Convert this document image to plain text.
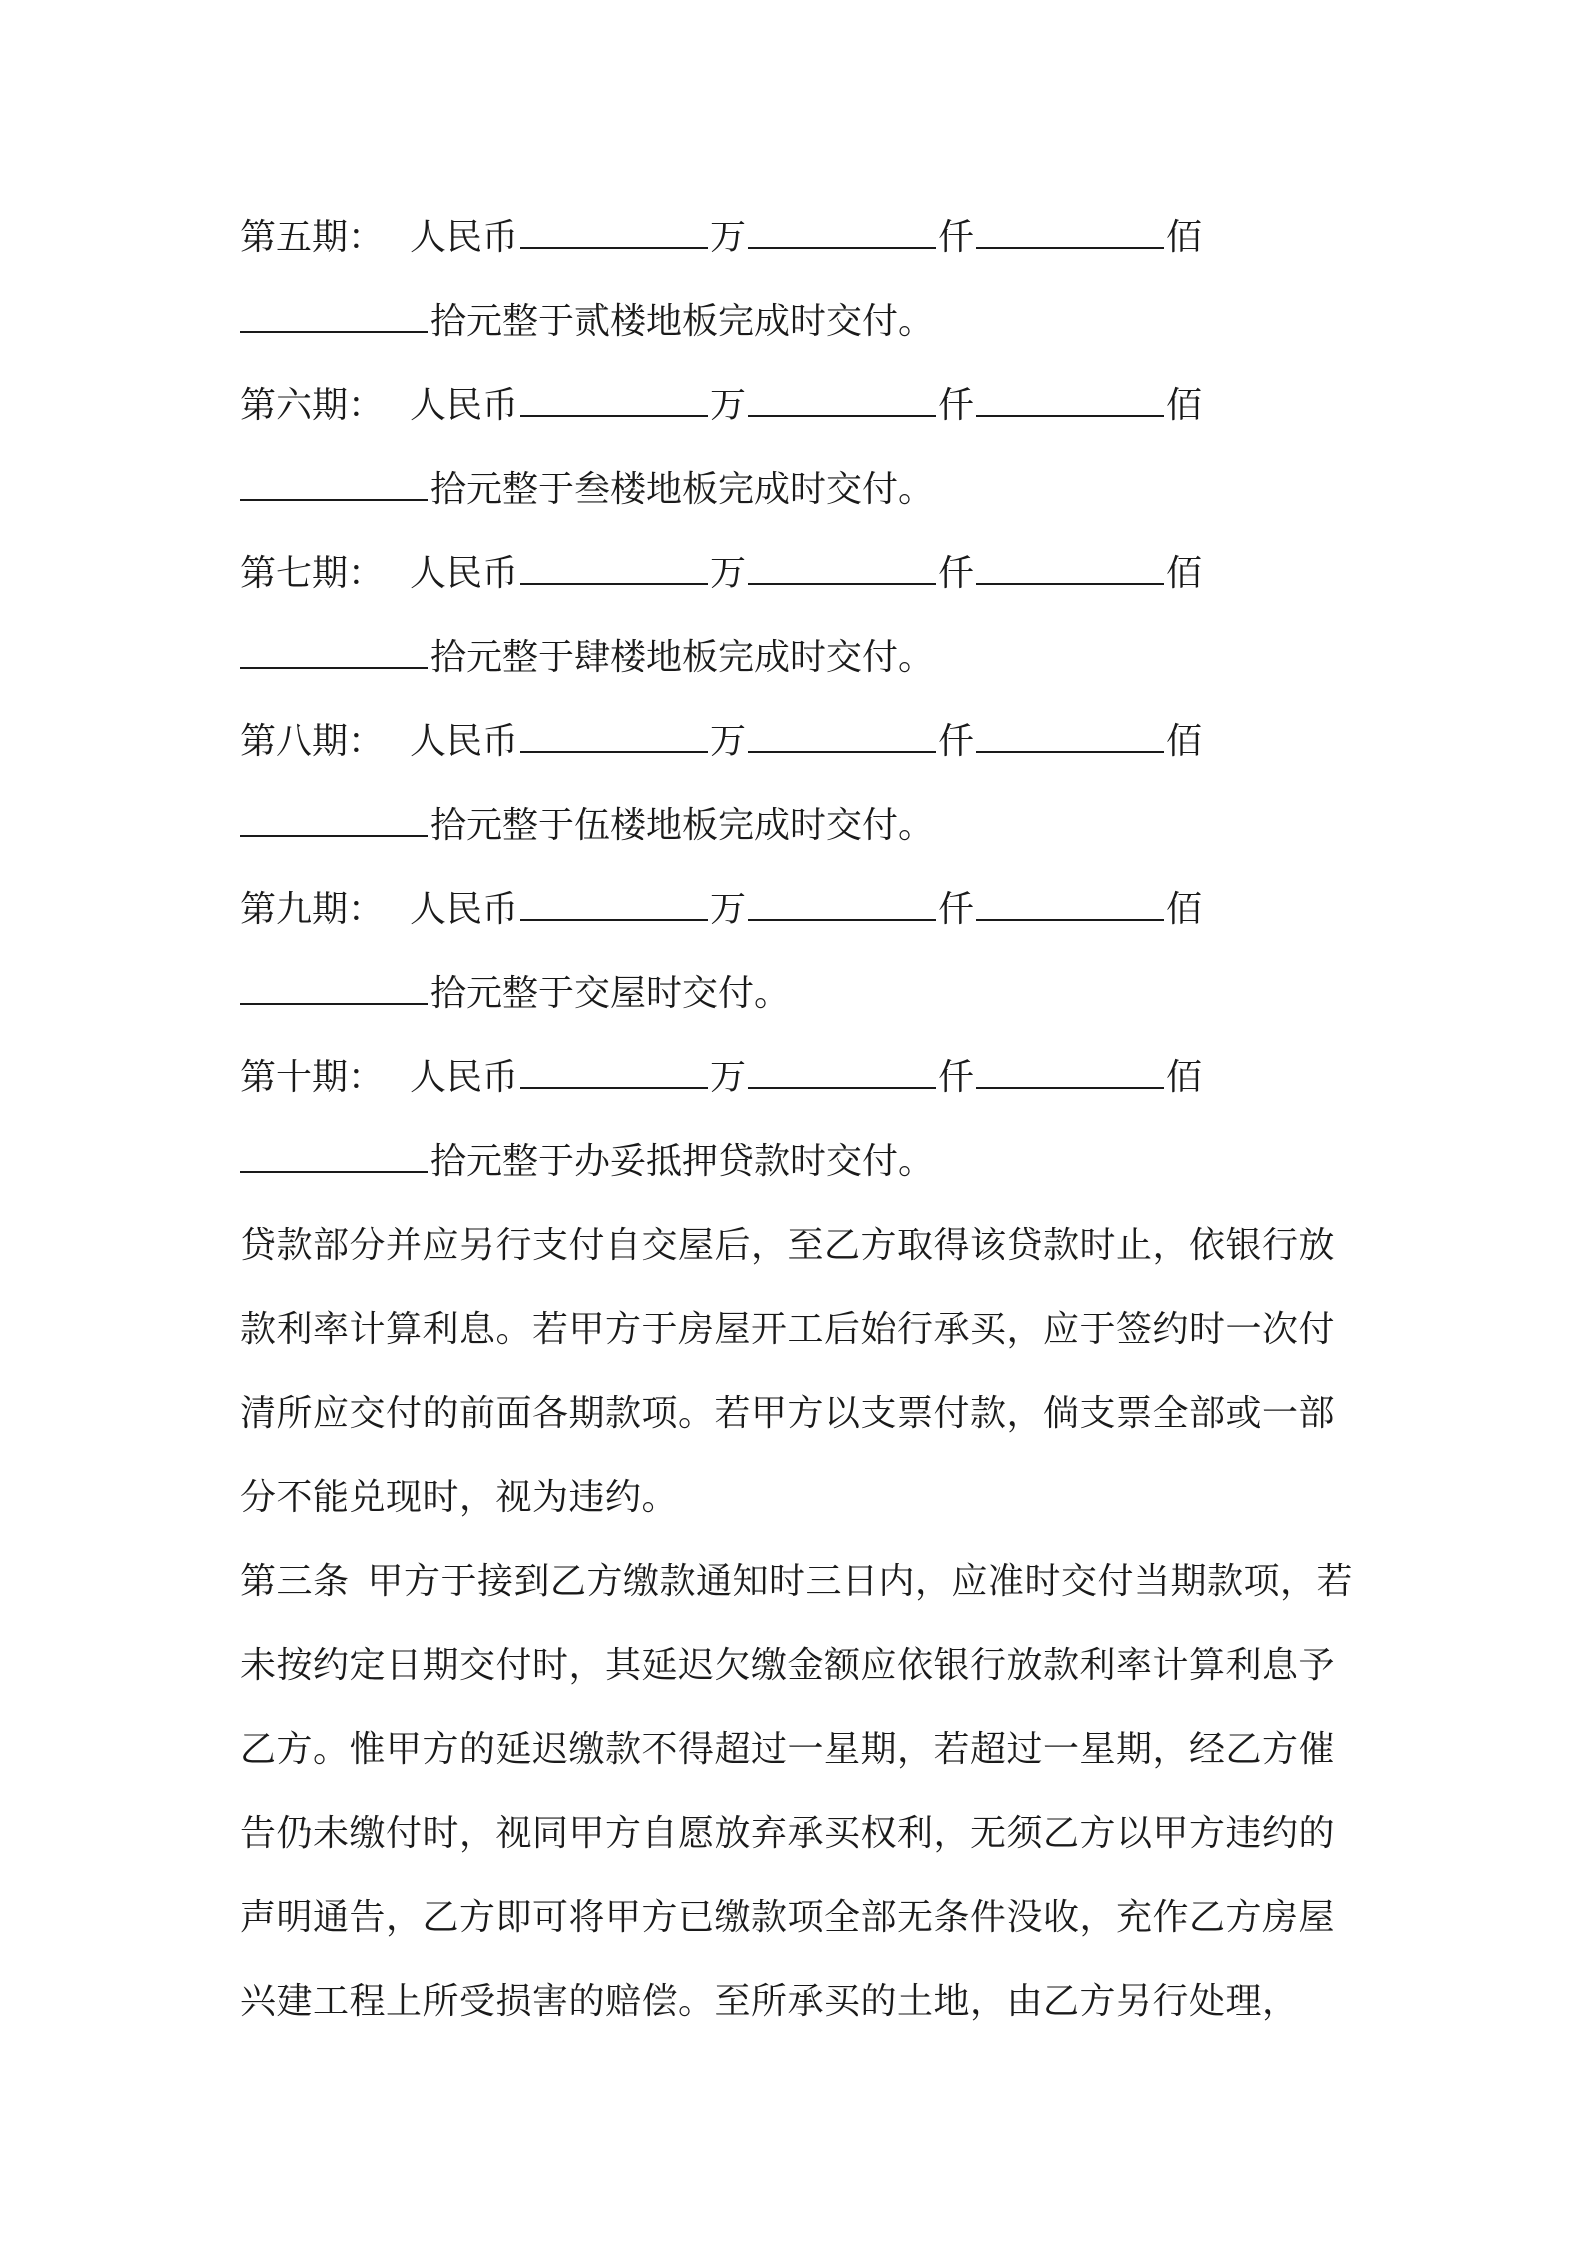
第五期： 人民币	万	仟	佰
拾元整于贰楼地板完成时交付。
第六期： 人民币	万	仟	佰
拾元整于叁楼地板完成时交付。
第七期： 人民币	万	仟	佰
拾元整于肆楼地板完成时交付。
第八期： 人民币	万	仟	佰
拾元整于伍楼地板完成时交付。
第九期： 人民币	万	仟	佰
拾元整于交屋时交付。
第十期： 人民币	万	仟	佰
拾元整于办妥抵押贷款时交付。
贷款部分并应另行支付自交屋后，至乙方取得该贷款时止，依银行放款利率计算利息。若甲方于房屋开工后始行承买，应于签约时一次付清所应交付的前面各期款项。若甲方以支票付款，倘支票全部或一部分不能兑现时，视为违约。
第三条 甲方于接到乙方缴款通知时三日内，应准时交付当期款项，若未按约定日期交付时，其延迟欠缴金额应依银行放款利率计算利息予乙方。惟甲方的延迟缴款不得超过一星期，若超过一星期，经乙方催告仍未缴付时，视同甲方自愿放弃承买权利，无须乙方以甲方违约的声明通告，乙方即可将甲方已缴款项全部无条件没收，充作乙方房屋兴建工程上所受损害的赔偿。至所承买的土地，由乙方另行处理，
